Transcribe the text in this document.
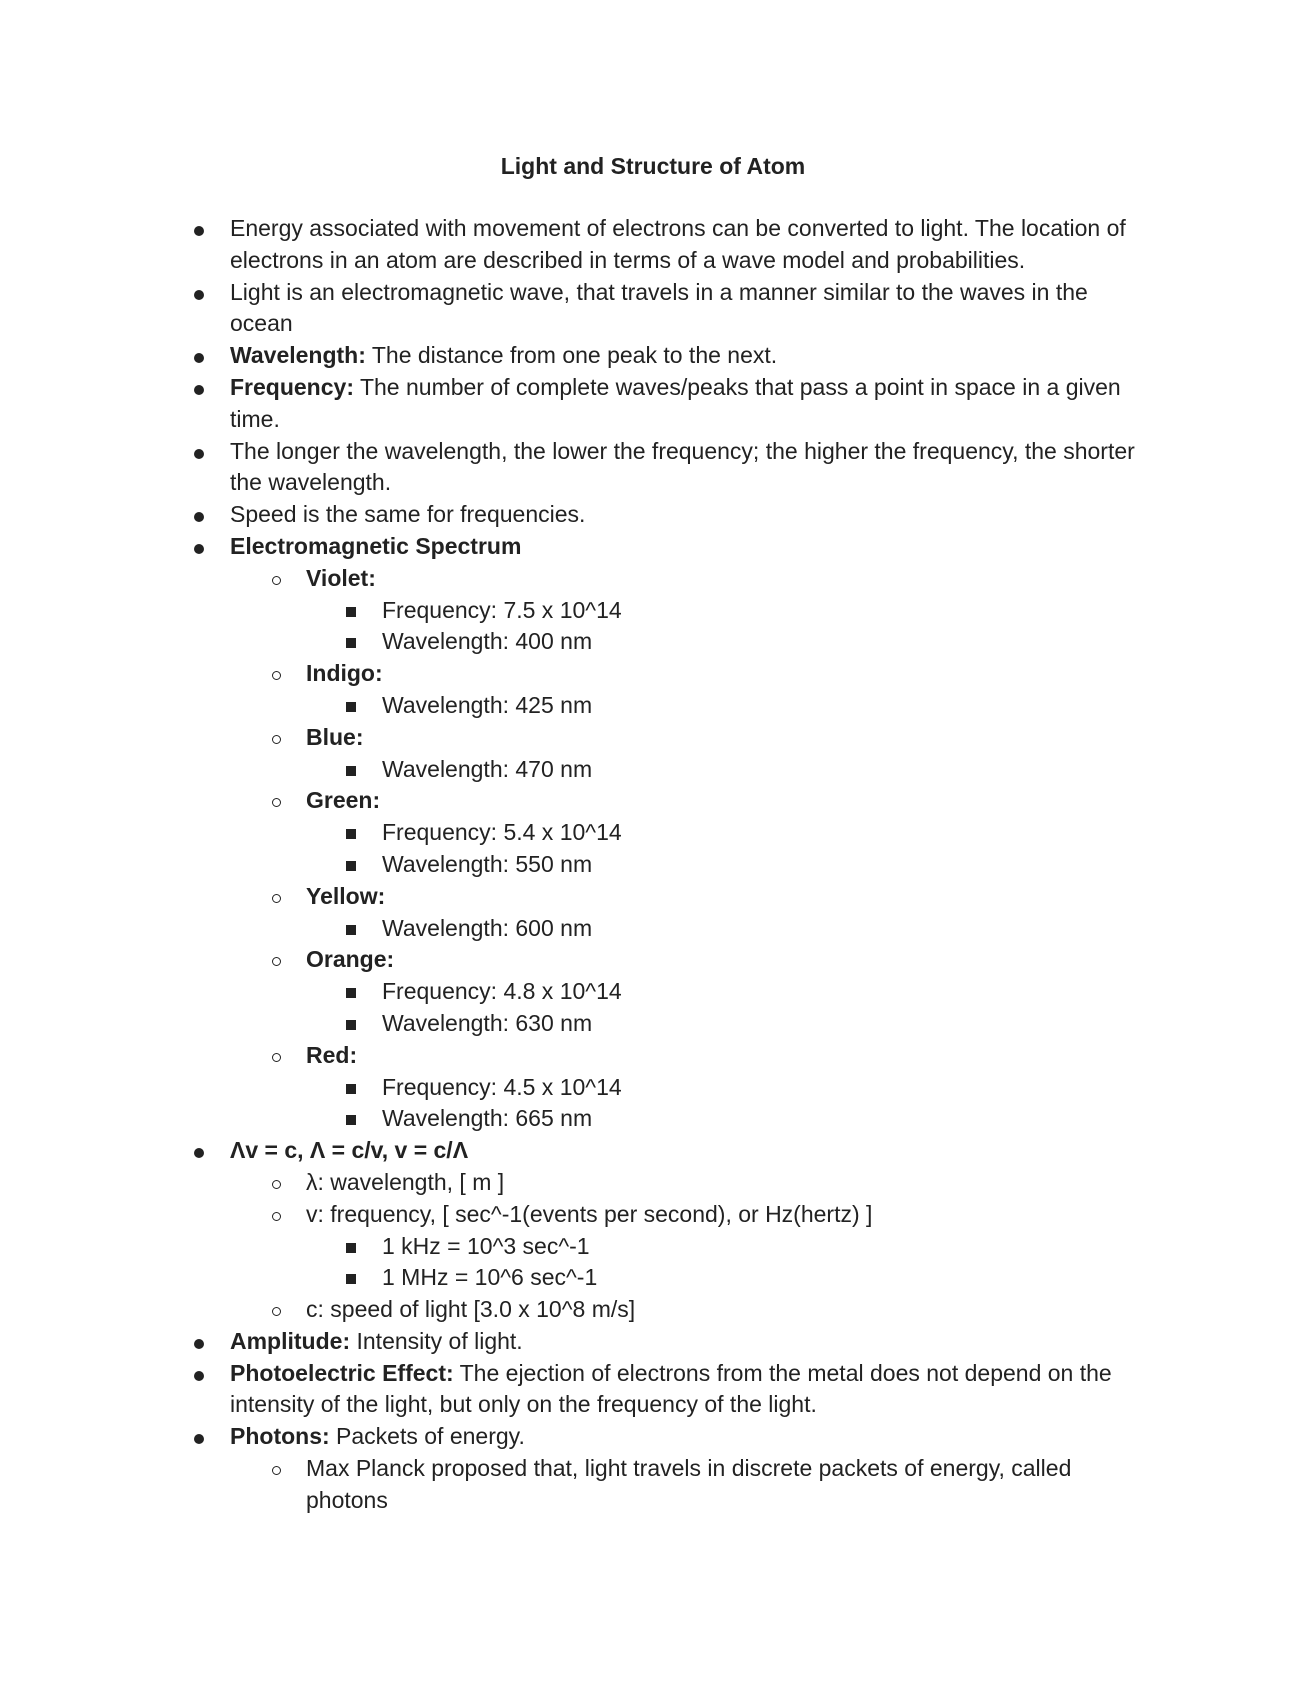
Light and Structure of Atom
Energy associated with movement of electrons can be converted to light. The location of electrons in an atom are described in terms of a wave model and probabilities.
Light is an electromagnetic wave, that travels in a manner similar to the waves in the ocean
Wavelength: The distance from one peak to the next.
Frequency: The number of complete waves/peaks that pass a point in space in a given time.
The longer the wavelength, the lower the frequency; the higher the frequency, the shorter the wavelength.
Speed is the same for frequencies.
Electromagnetic Spectrum
Violet:
Frequency: 7.5 x 10^14
Wavelength: 400 nm
Indigo:
Wavelength: 425 nm
Blue:
Wavelength: 470 nm
Green:
Frequency: 5.4 x 10^14
Wavelength: 550 nm
Yellow:
Wavelength: 600 nm
Orange:
Frequency: 4.8 x 10^14
Wavelength: 630 nm
Red:
Frequency: 4.5 x 10^14
Wavelength: 665 nm
Λv = c, Λ = c/v, v = c/Λ
λ: wavelength, [ m ]
v: frequency, [ sec^-1(events per second), or Hz(hertz) ]
1 kHz = 10^3 sec^-1
1 MHz = 10^6 sec^-1
c: speed of light [3.0 x 10^8 m/s]
Amplitude: Intensity of light.
Photoelectric Effect: The ejection of electrons from the metal does not depend on the intensity of the light, but only on the frequency of the light.
Photons: Packets of energy.
Max Planck proposed that, light travels in discrete packets of energy, called photons
